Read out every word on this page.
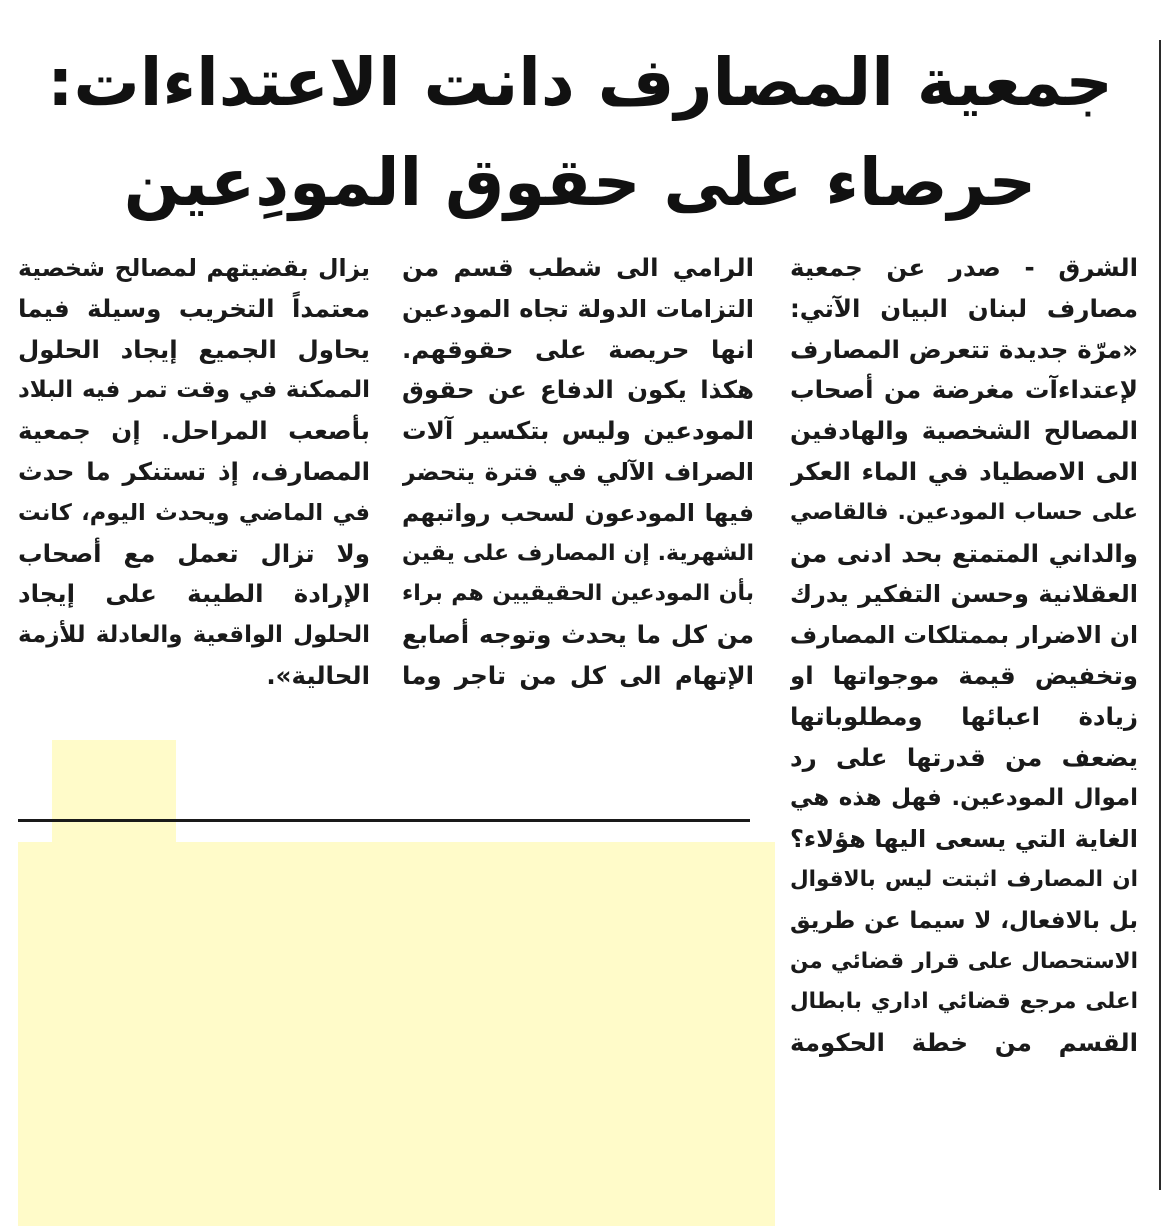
جمعية المصارف دانت الاعتداءات:
حرصاء على حقوق المودِعين
الشرق - صدر عن جمعية
مصارف لبنان البيان الآتي:
«مرّة جديدة تتعرض المصارف
لإعتداءآت مغرضة من أصحاب
المصالح الشخصية والهادفين
الى الاصطياد في الماء العكر
على حساب المودعين. فالقاصي
والداني المتمتع بحد ادنى من
العقلانية وحسن التفكير يدرك
ان الاضرار بممتلكات المصارف
وتخفيض قيمة موجواتها او
زيادة اعبائها ومطلوباتها
يضعف من قدرتها على رد
اموال المودعين. فهل هذه هي
الغاية التي يسعى اليها هؤلاء؟
ان المصارف اثبتت ليس بالاقوال
بل بالافعال، لا سيما عن طريق
الاستحصال على قرار قضائي من
اعلى مرجع قضائي اداري بابطال
القسم من خطة الحكومة
الرامي الى شطب قسم من
التزامات الدولة تجاه المودعين
انها حريصة على حقوقهم.
هكذا يكون الدفاع عن حقوق
المودعين وليس بتكسير آلات
الصراف الآلي في فترة يتحضر
فيها المودعون لسحب رواتبهم
الشهرية. إن المصارف على يقين
بأن المودعين الحقيقيين هم براء
من كل ما يحدث وتوجه أصابع
الإتهام الى كل من تاجر وما
يزال بقضيتهم لمصالح شخصية
معتمداً التخريب وسيلة فيما
يحاول الجميع إيجاد الحلول
الممكنة في وقت تمر فيه البلاد
بأصعب المراحل. إن جمعية
المصارف، إذ تستنكر ما حدث
في الماضي ويحدث اليوم، كانت
ولا تزال تعمل مع أصحاب
الإرادة الطيبة على إيجاد
الحلول الواقعية والعادلة للأزمة
الحالية».
